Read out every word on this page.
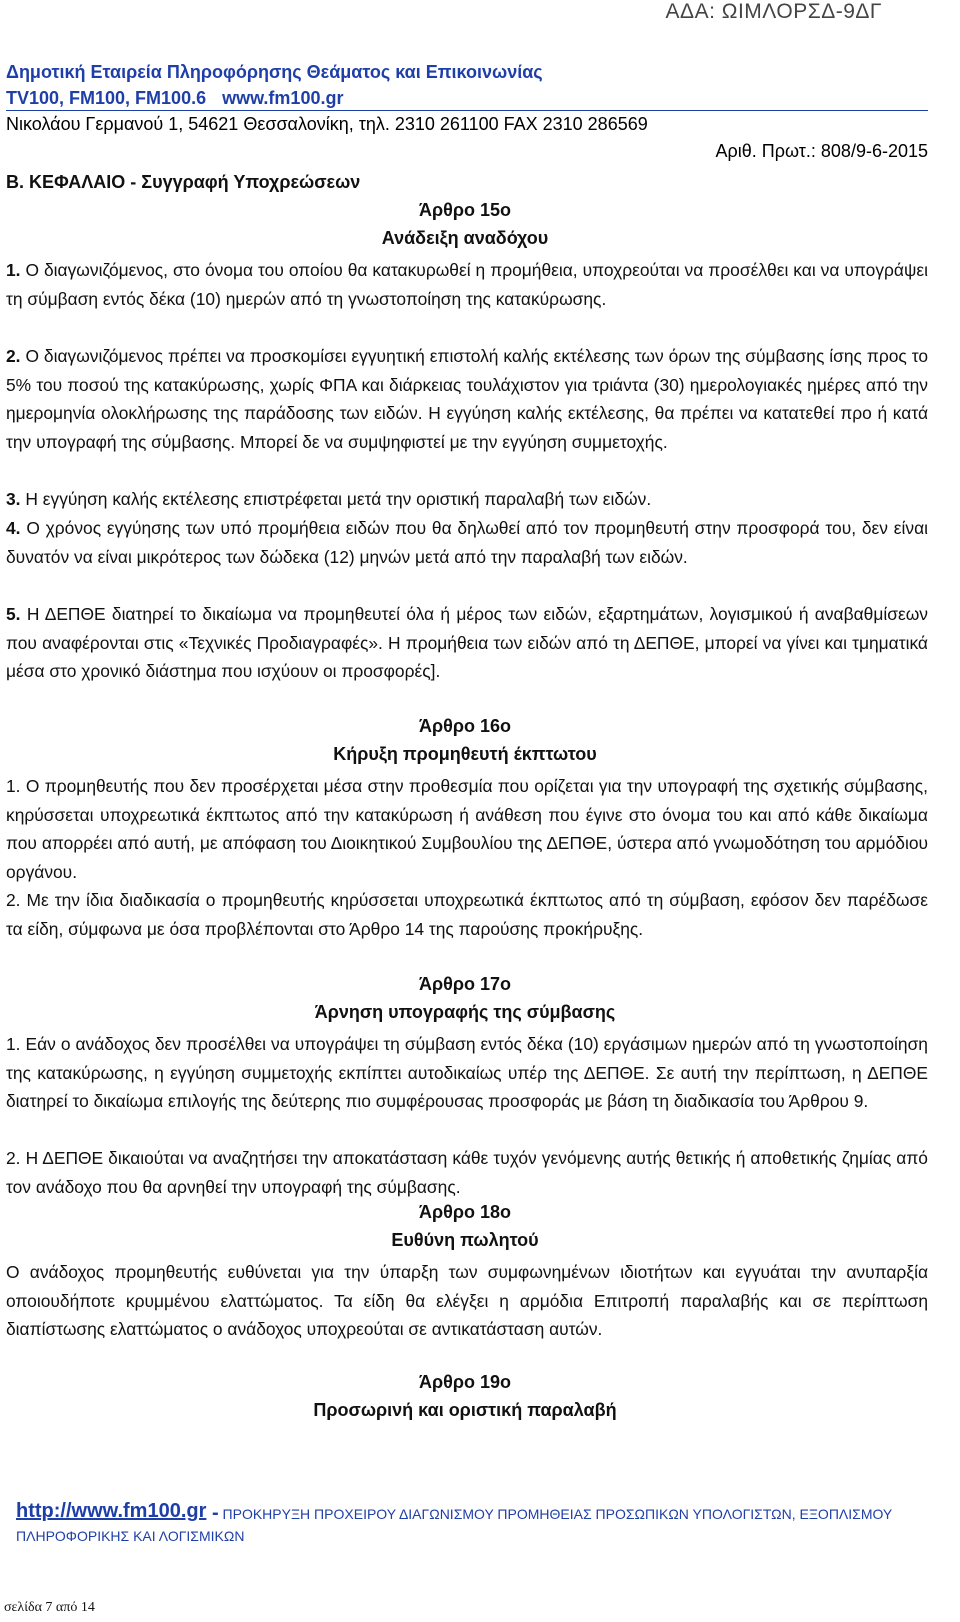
ΑΔΑ: ΩΙΜΛΟΡΣΔ-9ΔΓ
Δημοτική Εταιρεία Πληροφόρησης Θεάματος και Επικοινωνίας
TV100, FM100, FM100.6 www.fm100.gr
Νικολάου Γερμανού 1, 54621 Θεσσαλονίκη, τηλ. 2310 261100 FAX 2310 286569
Αριθ. Πρωτ.: 808/9-6-2015
Β. ΚΕΦΑΛΑΙΟ - Συγγραφή Υποχρεώσεων
Άρθρο 15ο
Ανάδειξη αναδόχου
1. Ο διαγωνιζόμενος, στο όνομα του οποίου θα κατακυρωθεί η προμήθεια, υποχρεούται να προσέλθει και να υπογράψει τη σύμβαση εντός δέκα (10) ημερών από τη γνωστοποίηση της κατακύρωσης.
2. Ο διαγωνιζόμενος πρέπει να προσκομίσει εγγυητική επιστολή καλής εκτέλεσης των όρων της σύμβασης ίσης προς το 5% του ποσού της κατακύρωσης, χωρίς ΦΠΑ και διάρκειας τουλάχιστον για τριάντα (30) ημερολογιακές ημέρες από την ημερομηνία ολοκλήρωσης της παράδοσης των ειδών. Η εγγύηση καλής εκτέλεσης, θα πρέπει να κατατεθεί προ ή κατά την υπογραφή της σύμβασης. Μπορεί δε να συμψηφιστεί με την εγγύηση συμμετοχής.
3. Η εγγύηση καλής εκτέλεσης επιστρέφεται μετά την οριστική παραλαβή των ειδών.
4. Ο χρόνος εγγύησης των υπό προμήθεια ειδών που θα δηλωθεί από τον προμηθευτή στην προσφορά του, δεν είναι δυνατόν να είναι μικρότερος των δώδεκα (12) μηνών μετά από την παραλαβή των ειδών.
5. Η ΔΕΠΘΕ διατηρεί το δικαίωμα να προμηθευτεί όλα ή μέρος των ειδών, εξαρτημάτων, λογισμικού ή αναβαθμίσεων που αναφέρονται στις «Τεχνικές Προδιαγραφές». Η προμήθεια των ειδών από τη ΔΕΠΘΕ, μπορεί να γίνει και τμηματικά μέσα στο χρονικό διάστημα που ισχύουν οι προσφορές].
Άρθρο 16ο
Κήρυξη προμηθευτή έκπτωτου
1. Ο προμηθευτής που δεν προσέρχεται μέσα στην προθεσμία που ορίζεται για την υπογραφή της σχετικής σύμβασης, κηρύσσεται υποχρεωτικά έκπτωτος από την κατακύρωση ή ανάθεση που έγινε στο όνομα του και από κάθε δικαίωμα που απορρέει από αυτή, με απόφαση του Διοικητικού Συμβουλίου της ΔΕΠΘΕ, ύστερα από γνωμοδότηση του αρμόδιου οργάνου.
2. Με την ίδια διαδικασία ο προμηθευτής κηρύσσεται υποχρεωτικά έκπτωτος από τη σύμβαση, εφόσον δεν παρέδωσε τα είδη, σύμφωνα με όσα προβλέπονται στο Άρθρο 14 της παρούσης προκήρυξης.
Άρθρο 17ο
Άρνηση υπογραφής της σύμβασης
1. Εάν ο ανάδοχος δεν προσέλθει να υπογράψει τη σύμβαση εντός δέκα (10) εργάσιμων ημερών από τη γνωστοποίηση της κατακύρωσης, η εγγύηση συμμετοχής εκπίπτει αυτοδικαίως υπέρ της ΔΕΠΘΕ. Σε αυτή την περίπτωση, η ΔΕΠΘΕ διατηρεί το δικαίωμα επιλογής της δεύτερης πιο συμφέρουσας προσφοράς με βάση τη διαδικασία του Άρθρου 9.
2. Η ΔΕΠΘΕ δικαιούται να αναζητήσει την αποκατάσταση κάθε τυχόν γενόμενης αυτής θετικής ή αποθετικής ζημίας από τον ανάδοχο που θα αρνηθεί την υπογραφή της σύμβασης.
Άρθρο 18ο
Ευθύνη πωλητού
Ο ανάδοχος προμηθευτής ευθύνεται για την ύπαρξη των συμφωνημένων ιδιοτήτων και εγγυάται την ανυπαρξία οποιουδήποτε κρυμμένου ελαττώματος. Τα είδη θα ελέγξει η αρμόδια Επιτροπή παραλαβής και σε περίπτωση διαπίστωσης ελαττώματος ο ανάδοχος υποχρεούται σε αντικατάσταση αυτών.
Άρθρο 19ο
Προσωρινή και οριστική παραλαβή
http://www.fm100.gr - ΠΡΟΚΗΡΥΞΗ ΠΡΟΧΕΙΡΟΥ ΔΙΑΓΩΝΙΣΜΟΥ ΠΡΟΜΗΘΕΙΑΣ ΠΡΟΣΩΠΙΚΩΝ ΥΠΟΛΟΓΙΣΤΩΝ, ΕΞΟΠΛΙΣΜΟΥ ΠΛΗΡΟΦΟΡΙΚΗΣ ΚΑΙ ΛΟΓΙΣΜΙΚΩΝ
σελίδα 7 από 14
